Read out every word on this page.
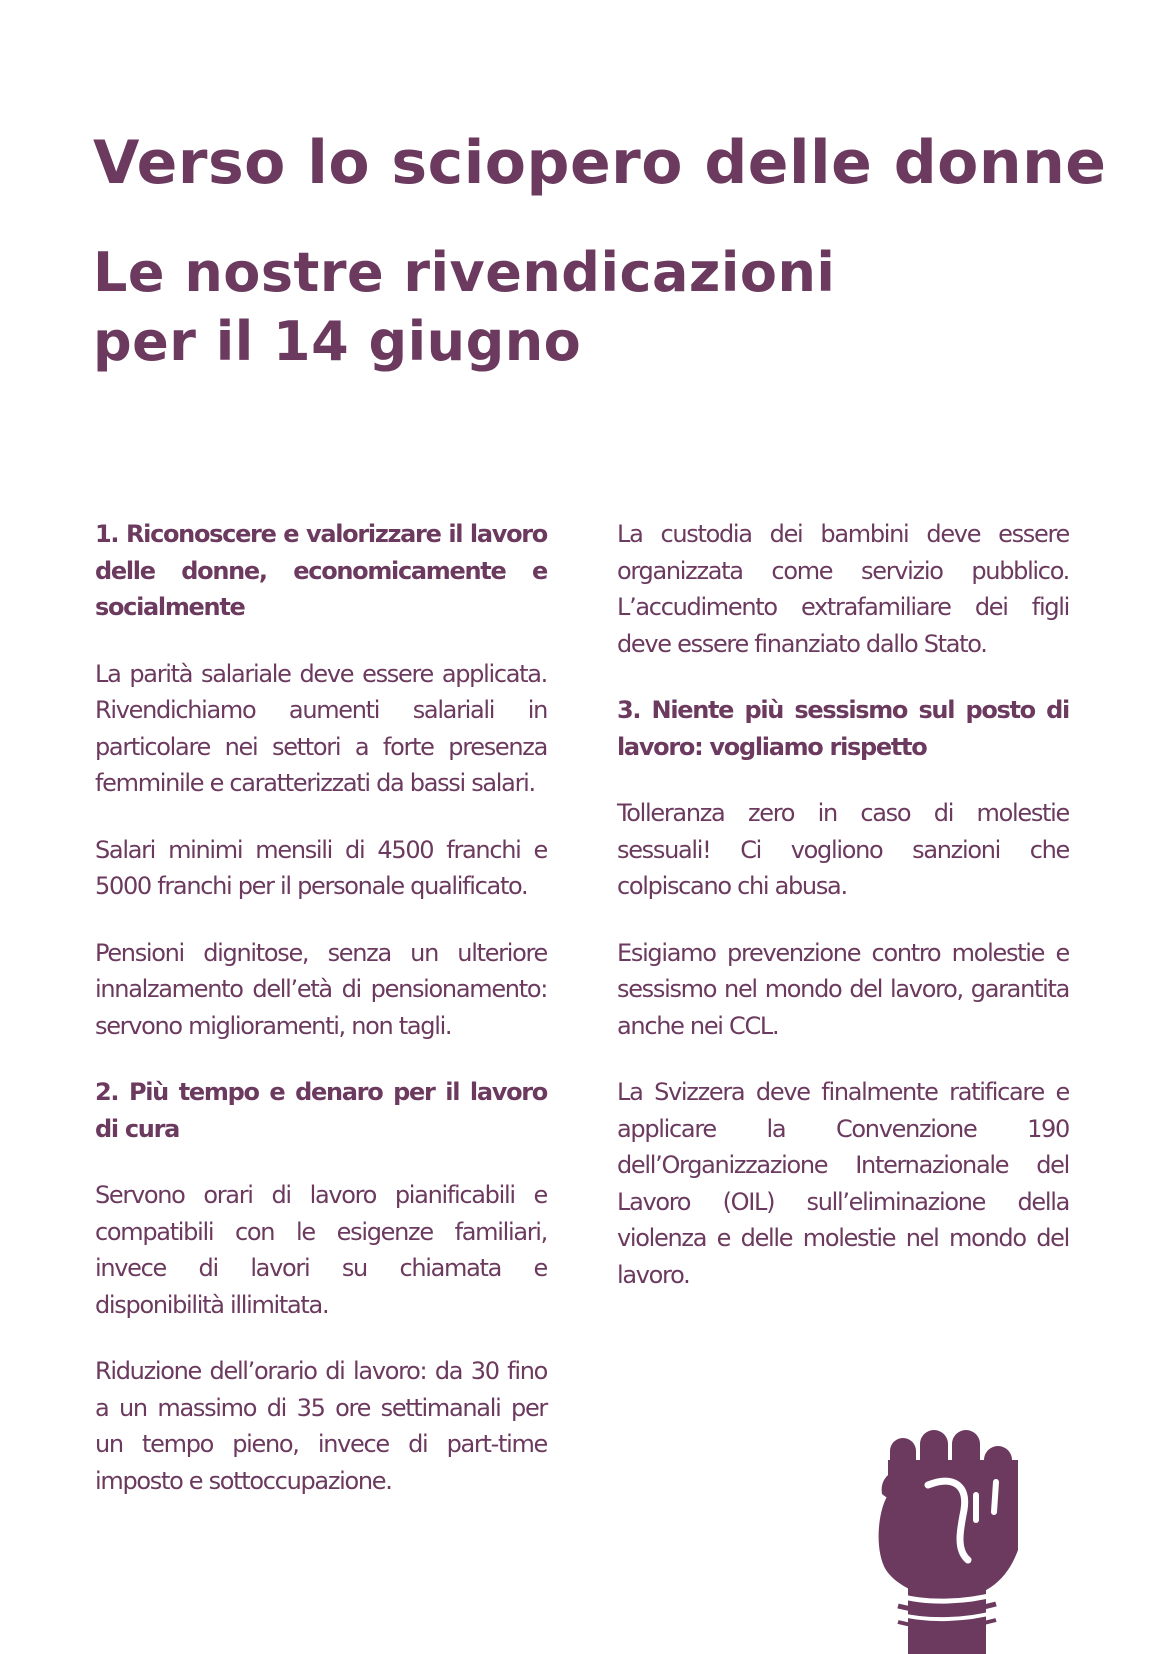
Verso lo sciopero delle donne
Le nostre rivendicazioni
per il 14 giugno
1. Riconoscere e valorizzare il lavoro delle donne, economicamente e socialmente

La parità salariale deve essere applicata. Rivendichiamo aumenti salariali in particolare nei settori a forte presenza femminile e caratterizzati da bassi salari.

Salari minimi mensili di 4500 franchi e 5000 franchi per il personale qualificato.

Pensioni dignitose, senza un ulteriore innalzamento dell’età di pensionamento: servono miglioramenti, non tagli.

2. Più tempo e denaro per il lavoro di cura

Servono orari di lavoro pianificabili e compatibili con le esigenze familiari, invece di lavori su chiamata e disponibilità illimitata.

Riduzione dell’orario di lavoro: da 30 fino a un massimo di 35 ore settimanali per un tempo pieno, invece di part-time imposto e sottoccupazione.

La custodia dei bambini deve essere organizzata come servizio pubblico. L’accudimento extrafamiliare dei figli deve essere finanziato dallo Stato.

3. Niente più sessismo sul posto di lavoro: vogliamo rispetto

Tolleranza zero in caso di molestie sessuali! Ci vogliono sanzioni che colpiscano chi abusa.

Esigiamo prevenzione contro molestie e sessismo nel mondo del lavoro, garantita anche nei CCL.

La Svizzera deve finalmente ratificare e applicare la Convenzione 190 dell’Organizzazione Internazionale del Lavoro (OIL) sull’eliminazione della violenza e delle molestie nel mondo del lavoro.
